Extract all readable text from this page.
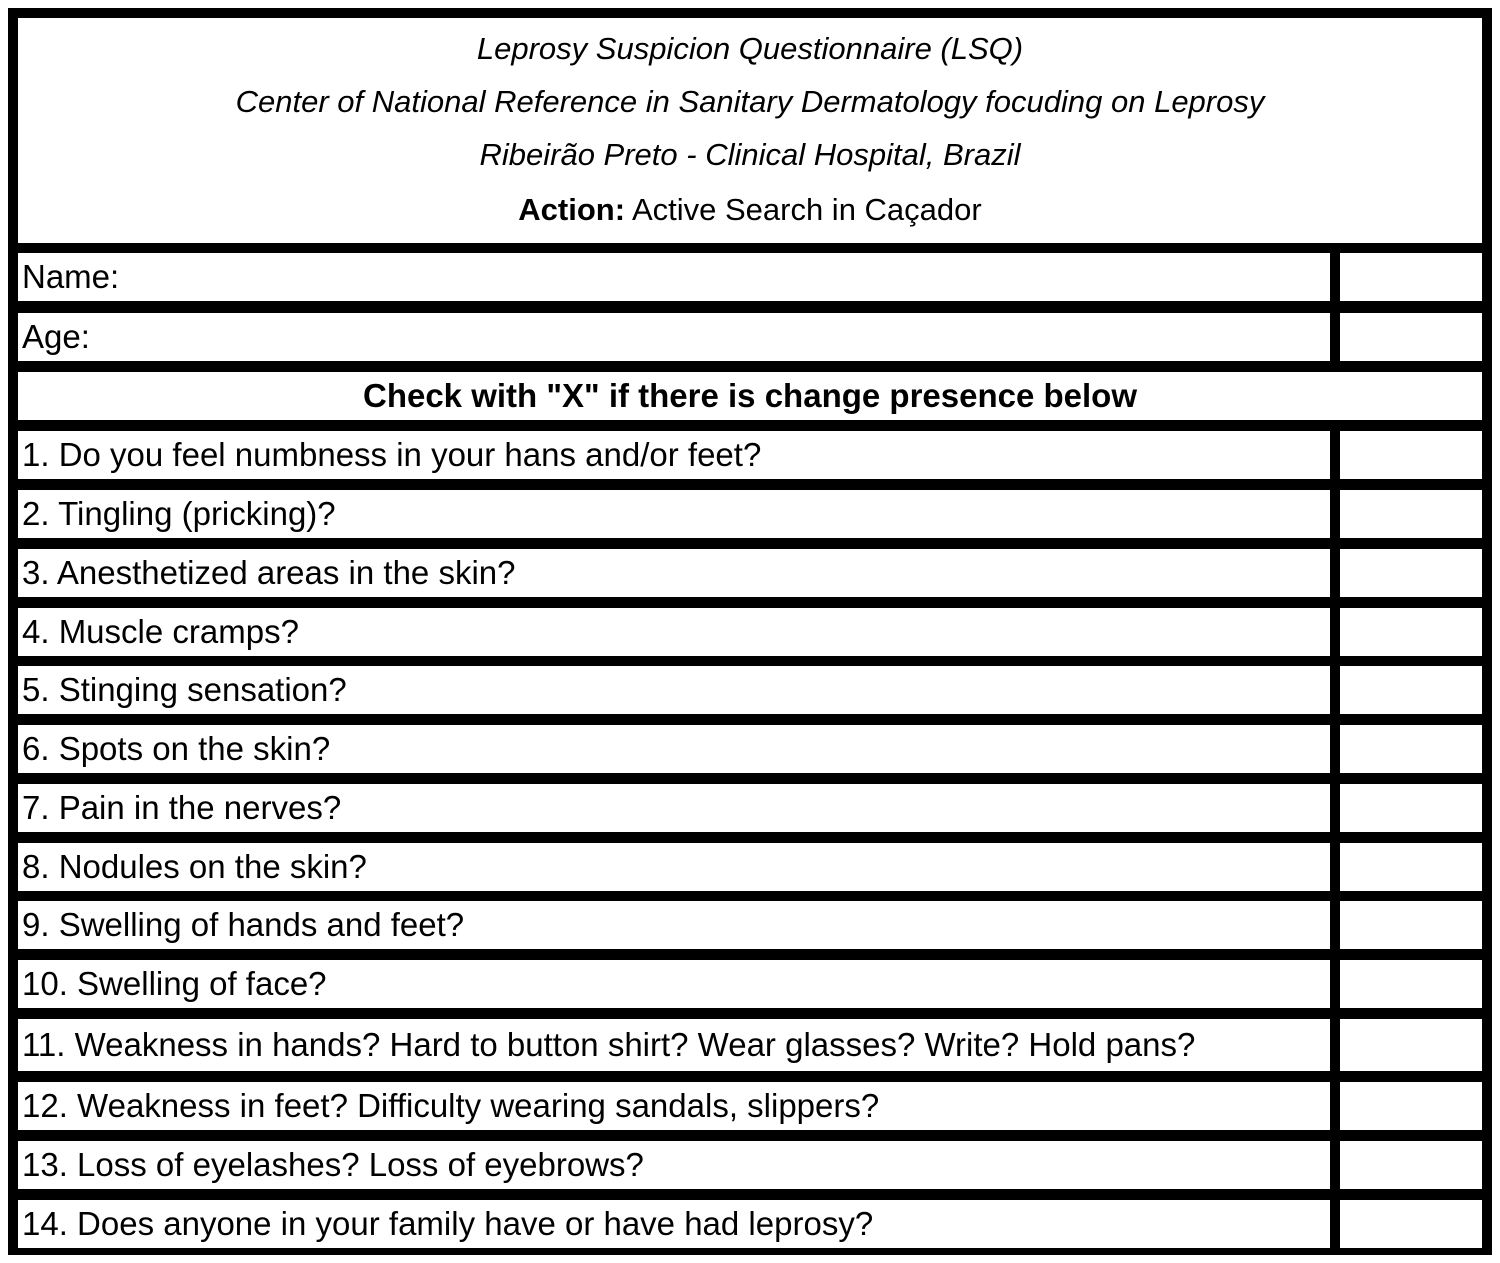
Leprosy Suspicion Questionnaire (LSQ)
Center of National Reference in Sanitary Dermatology focuding on Leprosy
Ribeirão Preto - Clinical Hospital, Brazil
Action: Active Search in Caçador
Name:
Age:
Check with "X" if there is change presence below
1. Do you feel numbness in your hans and/or feet?
2. Tingling (pricking)?
3. Anesthetized areas in the skin?
4. Muscle cramps?
5. Stinging sensation?
6. Spots on the skin?
7. Pain in the nerves?
8. Nodules on the skin?
9. Swelling of hands and feet?
10. Swelling of face?
11. Weakness in hands? Hard to button shirt? Wear glasses? Write? Hold pans?
12. Weakness in feet? Difficulty wearing sandals, slippers?
13. Loss of eyelashes? Loss of eyebrows?
14. Does anyone in your family have or have had leprosy?
